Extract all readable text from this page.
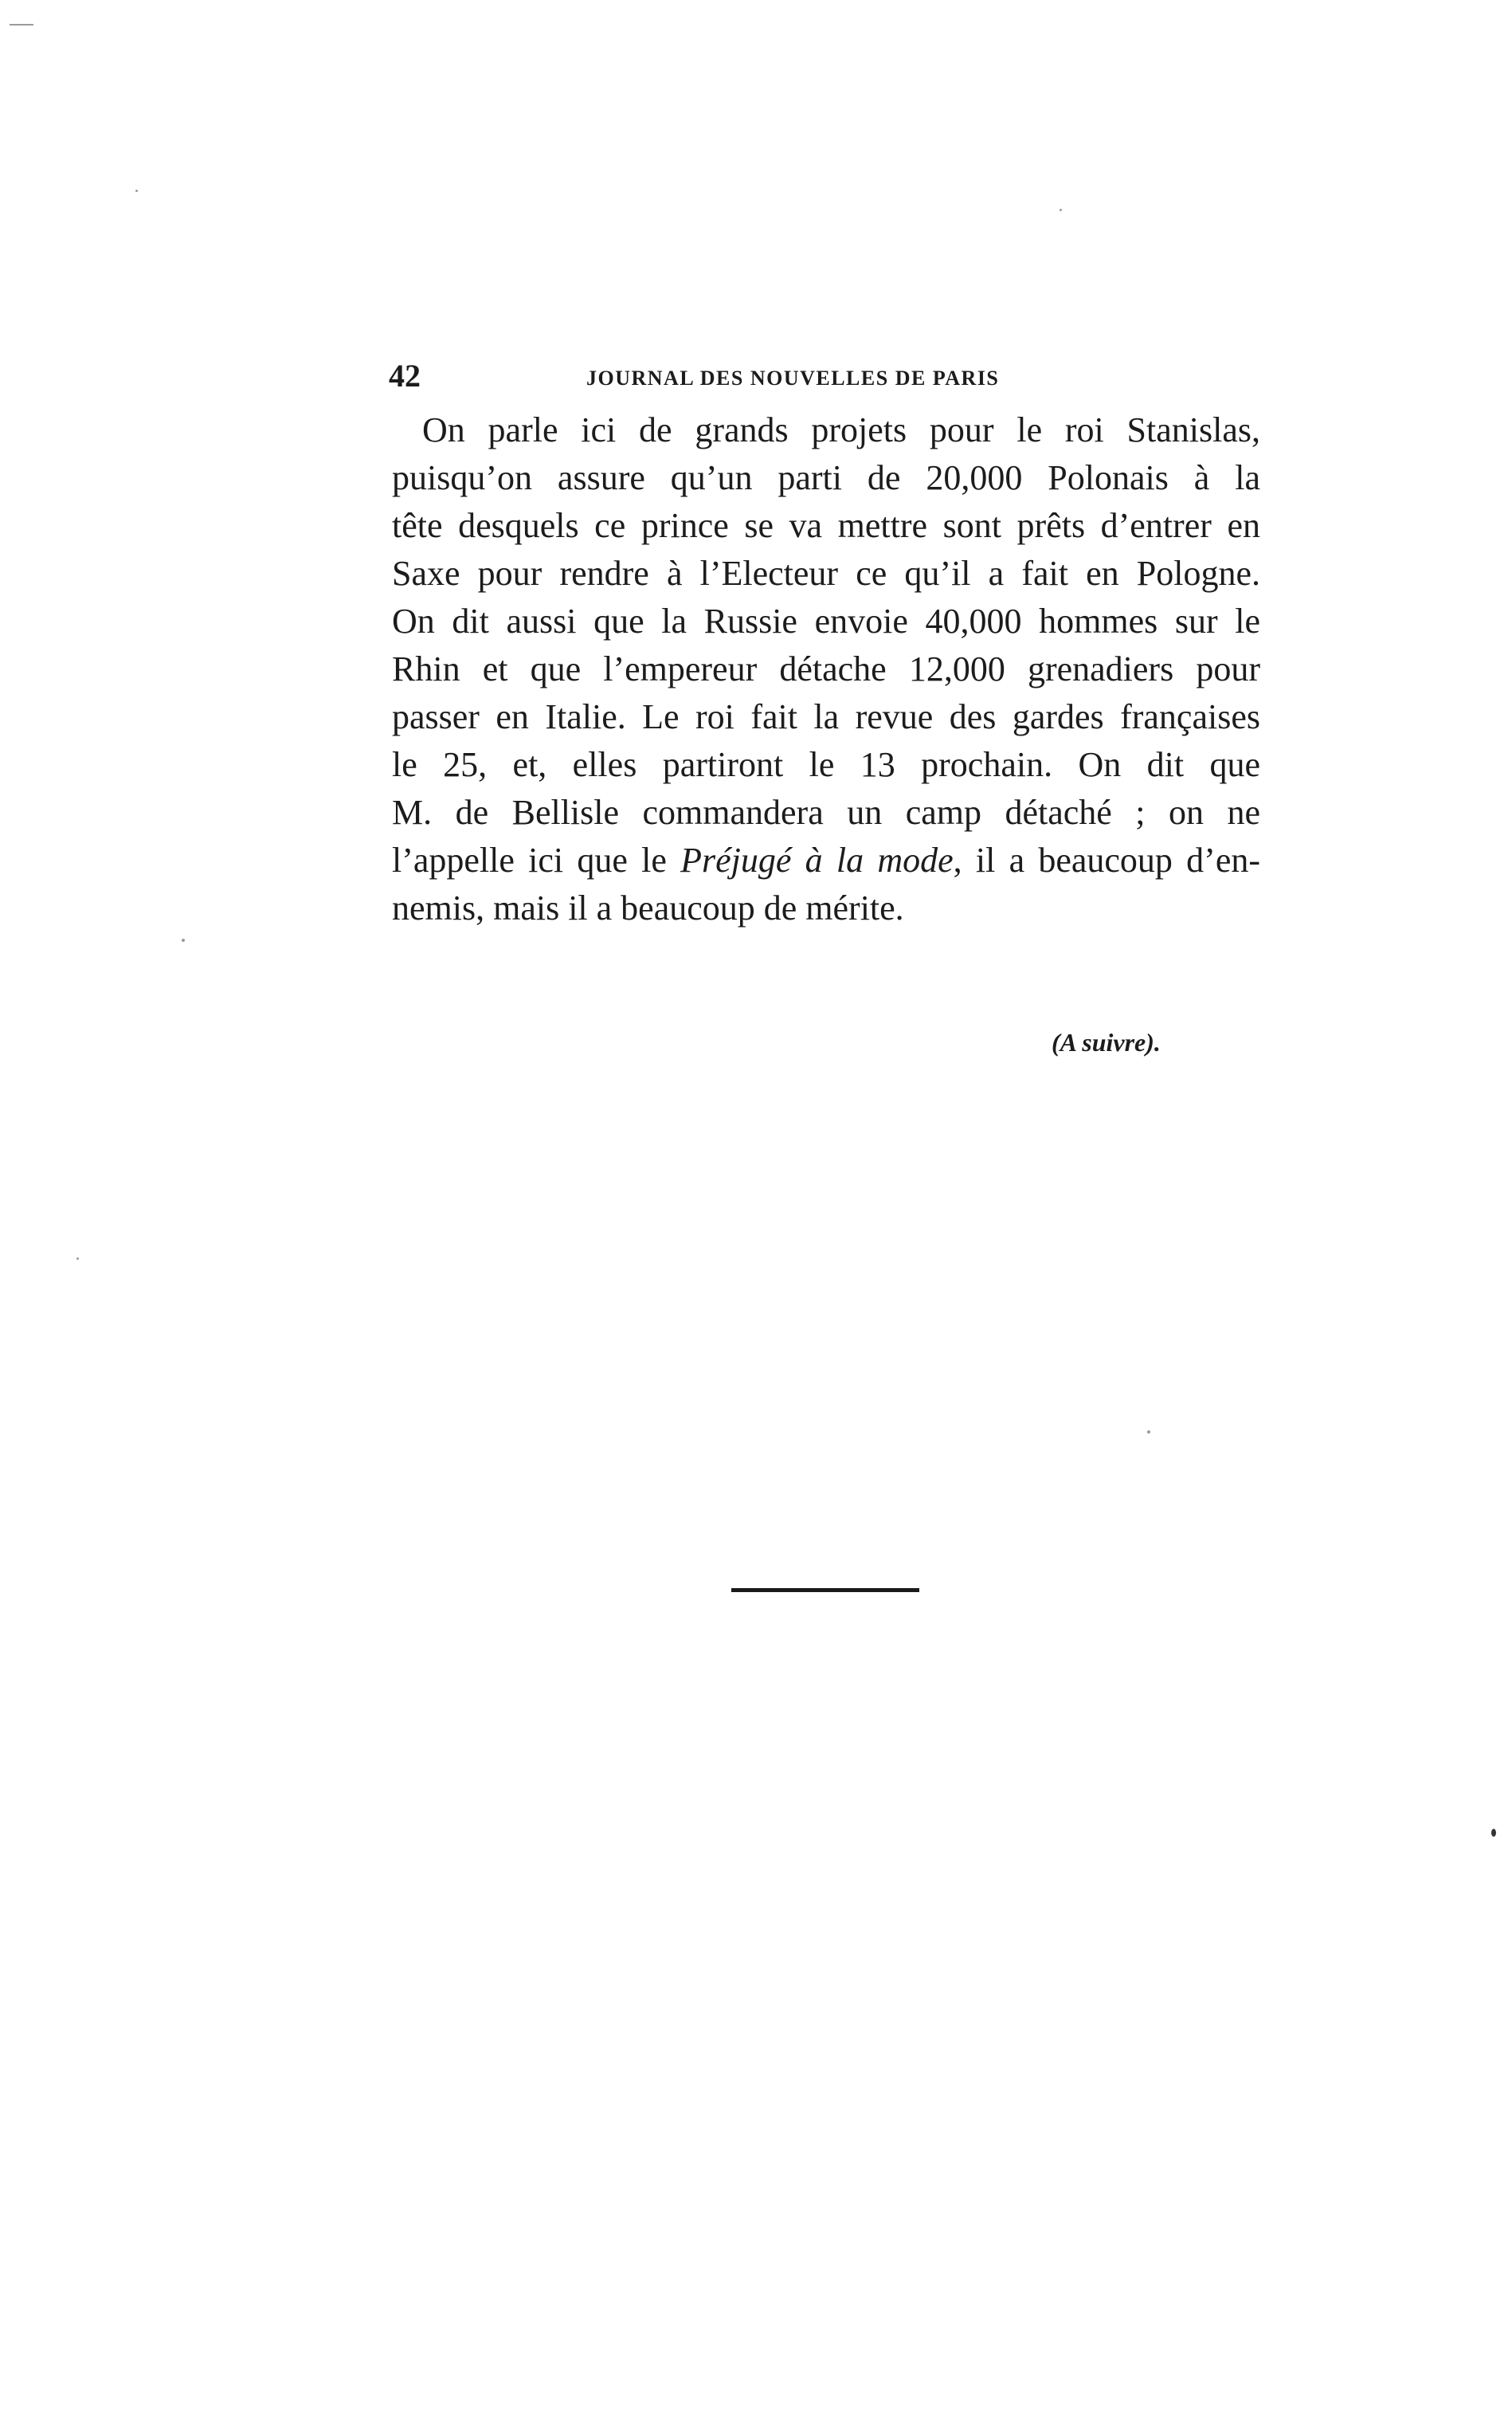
42	JOURNAL DES NOUVELLES DE PARIS
On parle ici de grands projets pour le roi Stanislas,
puisqu’on assure qu’un parti de 20,000 Polonais à la
tête desquels ce prince se va mettre sont prêts d’entrer en
Saxe pour rendre à l’Electeur ce qu’il a fait en Pologne.
On dit aussi que la Russie envoie 40,000 hommes sur le
Rhin et que l’empereur détache 12,000 grenadiers pour
passer en Italie. Le roi fait la revue des gardes françaises
le 25, et, elles partiront le 13 prochain. On dit que
M. de Bellisle commandera un camp détaché ; on ne
l’appelle ici que le Préjugé à la mode, il a beaucoup d’en-
nemis, mais il a beaucoup de mérite.
(A suivre).
